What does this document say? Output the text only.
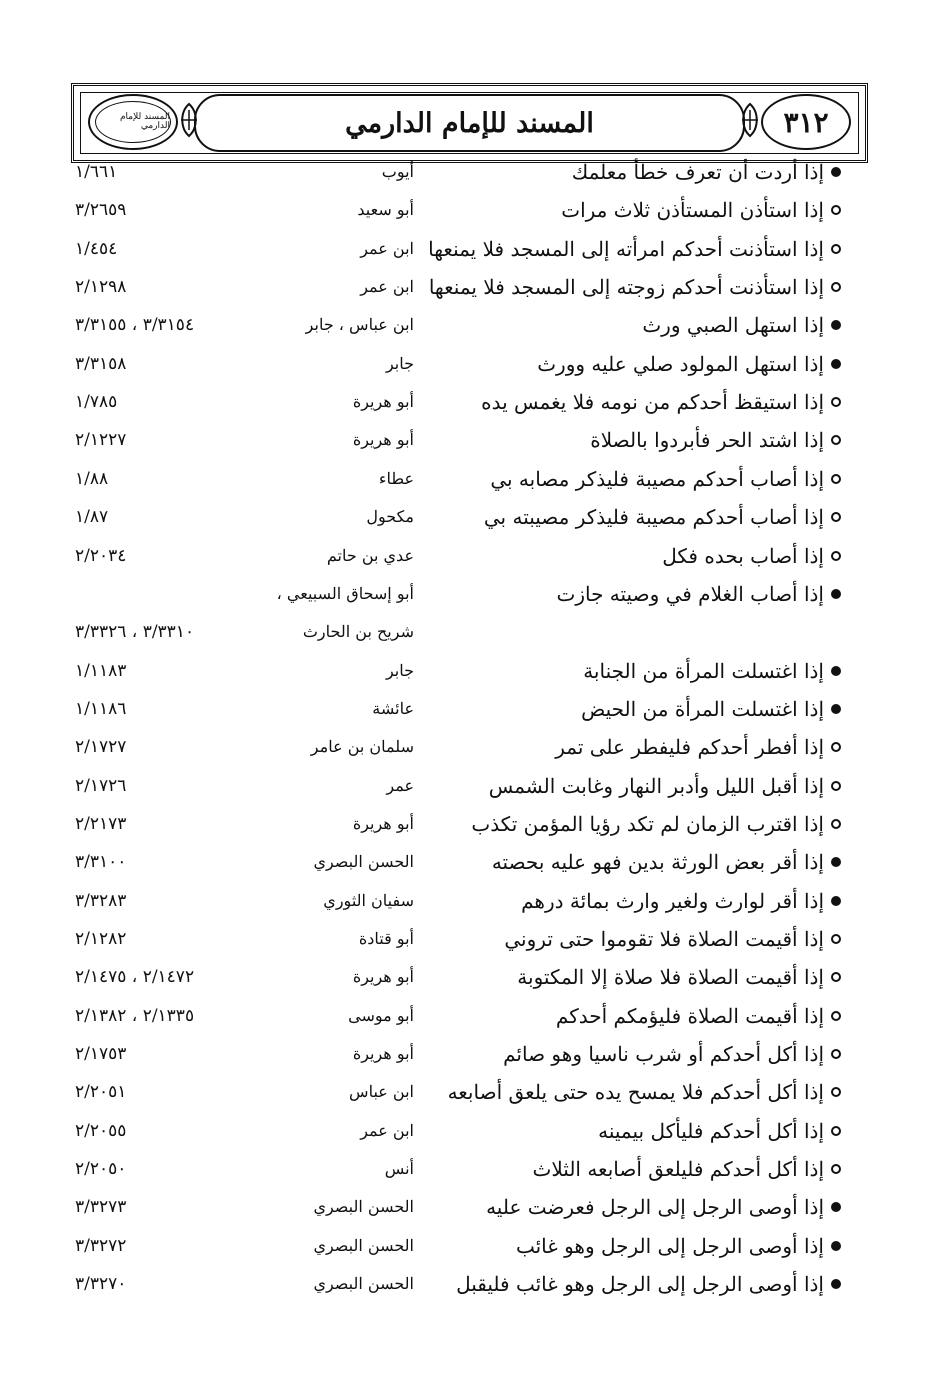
٣١٢
المسند للإمام الدارمي
المسند للإمام الدارمي
إذا أردت أن تعرف خطأ معلمك
أيوب
١/٦٦١
إذا استأذن المستأذن ثلاث مرات
أبو سعيد
٣/٢٦٥٩
إذا استأذنت أحدكم امرأته إلى المسجد فلا يمنعها
ابن عمر
١/٤٥٤
إذا استأذنت أحدكم زوجته إلى المسجد فلا يمنعها
ابن عمر
٢/١٢٩٨
إذا استهل الصبي ورث
ابن عباس ، جابر
٣/٣١٥٤ ، ٣/٣١٥٥
إذا استهل المولود صلي عليه وورث
جابر
٣/٣١٥٨
إذا استيقظ أحدكم من نومه فلا يغمس يده
أبو هريرة
١/٧٨٥
إذا اشتد الحر فأبردوا بالصلاة
أبو هريرة
٢/١٢٢٧
إذا أصاب أحدكم مصيبة فليذكر مصابه بي
عطاء
١/٨٨
إذا أصاب أحدكم مصيبة فليذكر مصيبته بي
مكحول
١/٨٧
إذا أصاب بحده فكل
عدي بن حاتم
٢/٢٠٣٤
إذا أصاب الغلام في وصيته جازت
أبو إسحاق السبيعي ،
شريح بن الحارث
٣/٣٣١٠ ، ٣/٣٣٢٦
إذا اغتسلت المرأة من الجنابة
جابر
١/١١٨٣
إذا اغتسلت المرأة من الحيض
عائشة
١/١١٨٦
إذا أفطر أحدكم فليفطر على تمر
سلمان بن عامر
٢/١٧٢٧
إذا أقبل الليل وأدبر النهار وغابت الشمس
عمر
٢/١٧٢٦
إذا اقترب الزمان لم تكد رؤيا المؤمن تكذب
أبو هريرة
٢/٢١٧٣
إذا أقر بعض الورثة بدين فهو عليه بحصته
الحسن البصري
٣/٣١٠٠
إذا أقر لوارث ولغير وارث بمائة درهم
سفيان الثوري
٣/٣٢٨٣
إذا أقيمت الصلاة فلا تقوموا حتى تروني
أبو قتادة
٢/١٢٨٢
إذا أقيمت الصلاة فلا صلاة إلا المكتوبة
أبو هريرة
٢/١٤٧٢ ، ٢/١٤٧٥
إذا أقيمت الصلاة فليؤمكم أحدكم
أبو موسى
٢/١٣٣٥ ، ٢/١٣٨٢
إذا أكل أحدكم أو شرب ناسيا وهو صائم
أبو هريرة
٢/١٧٥٣
إذا أكل أحدكم فلا يمسح يده حتى يلعق أصابعه
ابن عباس
٢/٢٠٥١
إذا أكل أحدكم فليأكل بيمينه
ابن عمر
٢/٢٠٥٥
إذا أكل أحدكم فليلعق أصابعه الثلاث
أنس
٢/٢٠٥٠
إذا أوصى الرجل إلى الرجل فعرضت عليه
الحسن البصري
٣/٣٢٧٣
إذا أوصى الرجل إلى الرجل وهو غائب
الحسن البصري
٣/٣٢٧٢
إذا أوصى الرجل إلى الرجل وهو غائب فليقبل
الحسن البصري
٣/٣٢٧٠
